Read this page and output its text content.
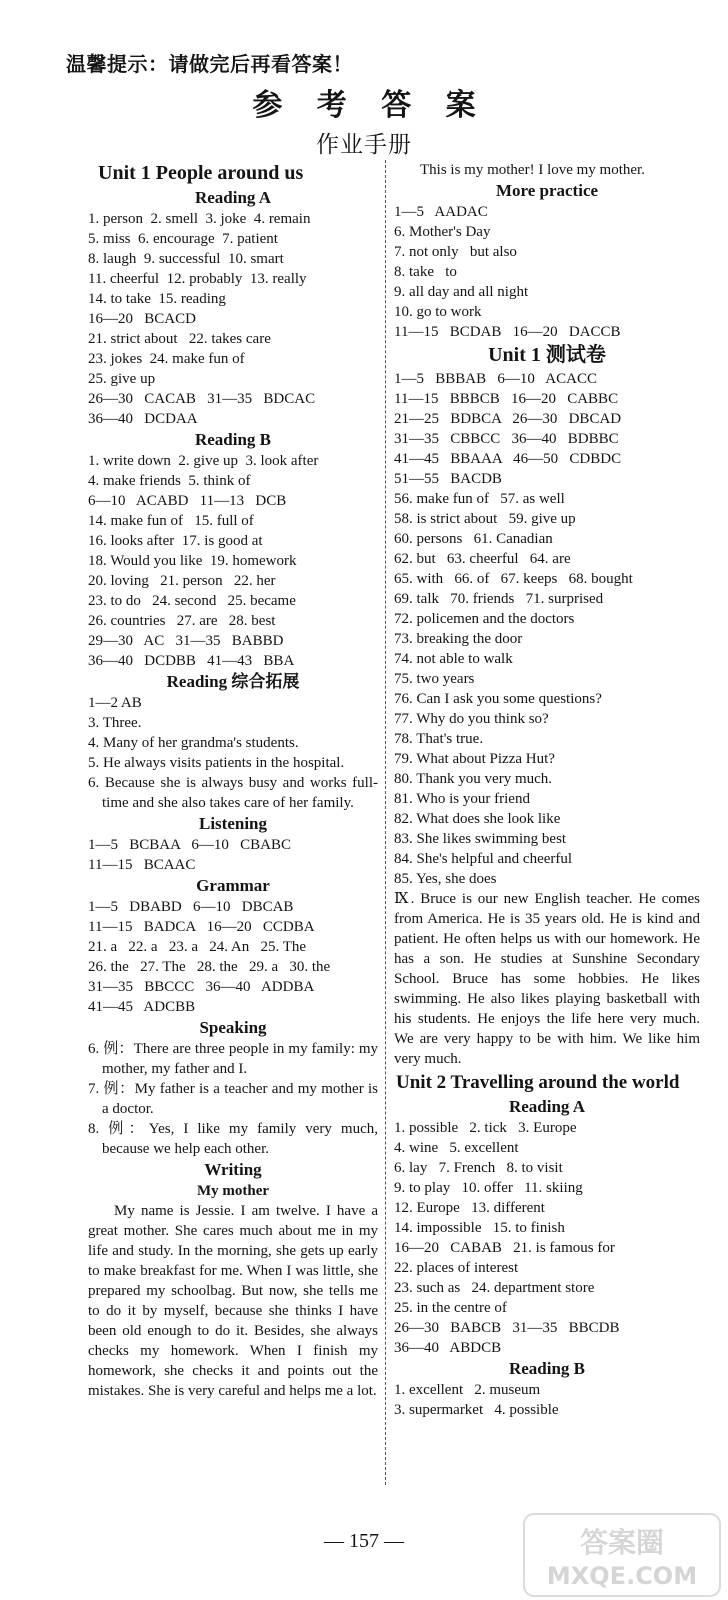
温馨提示：请做完后再看答案！
参 考 答 案
作业手册

Unit 1 People around us

Reading A

1. person  2. smell  3. joke  4. remain

5. miss  6. encourage  7. patient

8. laugh  9. successful  10. smart

11. cheerful  12. probably  13. really

14. to take  15. reading

16—20   BCACD

21. strict about   22. takes care

23. jokes  24. make fun of

25. give up

26—30   CACAB   31—35   BDCAC

36—40   DCDAA

Reading B

1. write down  2. give up  3. look after

4. make friends  5. think of

6—10   ACABD   11—13   DCB

14. make fun of   15. full of

16. looks after  17. is good at

18. Would you like  19. homework

20. loving   21. person   22. her

23. to do   24. second   25. became

26. countries   27. are   28. best

29—30   AC   31—35   BABBD

36—40   DCDBB   41—43   BBA

Reading 综合拓展

1—2 AB

3. Three.

4. Many of her grandma's students.

5. He always visits patients in the hospital.

6. Because she is always busy and works full-time and she also takes care of her family.

Listening

1—5   BCBAA   6—10   CBABC

11—15   BCAAC

Grammar

1—5   DBABD   6—10   DBCAB

11—15   BADCA   16—20   CCDBA

21. a   22. a   23. a   24. An   25. The

26. the   27. The   28. the   29. a   30. the

31—35   BBCCC   36—40   ADDBA

41—45   ADCBB

Speaking

6. 例：There are three people in my family: my mother, my father and I.

7. 例：My father is a teacher and my mother is a doctor.

8. 例：Yes, I like my family very much, because we help each other.

Writing

My mother

My name is Jessie. I am twelve. I have a great mother. She cares much about me in my life and study. In the morning, she gets up early to make breakfast for me. When I was little, she prepared my schoolbag. But now, she tells me to do it by myself, because she thinks I have been old enough to do it. Besides, she always checks my homework. When I finish my homework, she checks it and points out the mistakes. She is very careful and helps me a lot.

This is my mother! I love my mother.

More practice

1—5   AADAC

6. Mother's Day

7. not only   but also

8. take   to

9. all day and all night

10. go to work

11—15   BCDAB   16—20   DACCB

Unit 1 测试卷

1—5   BBBAB   6—10   ACACC

11—15   BBBCB   16—20   CABBC

21—25   BDBCA   26—30   DBCAD

31—35   CBBCC   36—40   BDBBC

41—45   BBAAA   46—50   CDBDC

51—55   BACDB

56. make fun of   57. as well

58. is strict about   59. give up

60. persons   61. Canadian

62. but   63. cheerful   64. are

65. with   66. of   67. keeps   68. bought

69. talk   70. friends   71. surprised

72. policemen and the doctors

73. breaking the door

74. not able to walk

75. two years

76. Can I ask you some questions?

77. Why do you think so?

78. That's true.

79. What about Pizza Hut?

80. Thank you very much.

81. Who is your friend

82. What does she look like

83. She likes swimming best

84. She's helpful and cheerful

85. Yes, she does

Ⅸ. Bruce is our new English teacher. He comes from America. He is 35 years old. He is kind and patient. He often helps us with our homework. He has a son. He studies at Sunshine Secondary School. Bruce has some hobbies. He likes swimming. He also likes playing basketball with his students. He enjoys the life here very much. We are very happy to be with him. We like him very much.

Unit 2 Travelling around the world

Reading A

1. possible   2. tick   3. Europe

4. wine   5. excellent

6. lay   7. French   8. to visit

9. to play   10. offer   11. skiing

12. Europe   13. different

14. impossible   15. to finish

16—20   CABAB   21. is famous for

22. places of interest

23. such as   24. department store

25. in the centre of

26—30   BABCB   31—35   BBCDB

36—40   ABDCB

Reading B

1. excellent   2. museum

3. supermarket   4. possible

— 157 —	答案圈
MXQE.COM
